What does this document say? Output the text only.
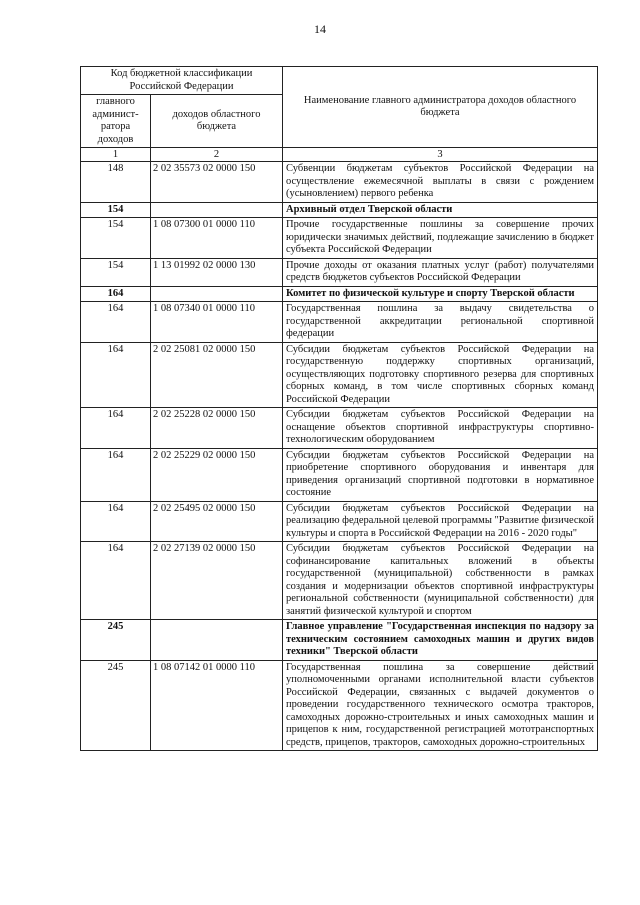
14
Код бюджетной классификации Российской Федерации		Наименование главного администратора доходов областного бюджета
главного админист-ратора доходов	доходов областного бюджета	
1	2	3
148	2 02 35573 02 0000 150	Субвенции бюджетам субъектов Российской Федерации на осуществление ежемесячной выплаты в связи с рождением (усыновлением) первого ребенка
154		Архивный отдел Тверской области
154	1 08 07300 01 0000 110	Прочие государственные пошлины за совершение прочих юридически значимых действий, подлежащие зачислению в бюджет субъекта Российской Федерации
154	1 13 01992 02 0000 130	Прочие доходы от оказания платных услуг (работ) получателями средств бюджетов субъектов Российской Федерации
164		Комитет по физической культуре и спорту Тверской области
164	1 08 07340 01 0000 110	Государственная пошлина за выдачу свидетельства о государственной аккредитации региональной спортивной федерации
164	2 02 25081 02 0000 150	Субсидии бюджетам субъектов Российской Федерации на государственную поддержку спортивных организаций, осуществляющих подготовку спортивного резерва для спортивных сборных команд, в том числе спортивных сборных команд Российской Федерации
164	2 02 25228 02 0000 150	Субсидии бюджетам субъектов Российской Федерации на оснащение объектов спортивной инфраструктуры спортивно-технологическим оборудованием
164	2 02 25229 02 0000 150	Субсидии бюджетам субъектов Российской Федерации на приобретение спортивного оборудования и инвентаря для приведения организаций спортивной подготовки в нормативное состояние
164	2 02 25495 02 0000 150	Субсидии бюджетам субъектов Российской Федерации на реализацию федеральной целевой программы "Развитие физической культуры и спорта в Российской Федерации на 2016 - 2020 годы"
164	2 02 27139 02 0000 150	Субсидии бюджетам субъектов Российской Федерации на софинансирование капитальных вложений в объекты государственной (муниципальной) собственности в рамках создания и модернизации объектов спортивной инфраструктуры региональной собственности (муниципальной собственности) для занятий физической культурой и спортом
245		Главное управление "Государственная инспекция по надзору за техническим состоянием самоходных машин и других видов техники" Тверской области
245	1 08 07142 01 0000 110	Государственная пошлина за совершение действий уполномоченными органами исполнительной власти субъектов Российской Федерации, связанных с выдачей документов о проведении государственного технического осмотра тракторов, самоходных дорожно-строительных и иных самоходных машин и прицепов к ним, государственной регистрацией мототранспортных средств, прицепов, тракторов, самоходных дорожно-строительных
